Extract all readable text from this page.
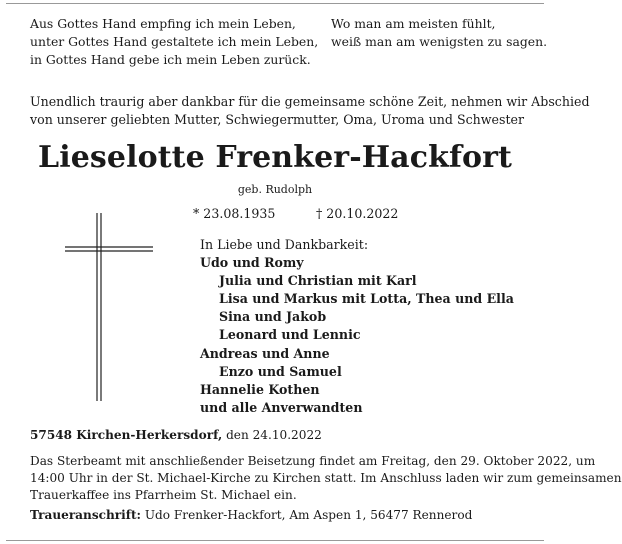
Aus Gottes Hand empfing ich mein Leben,
unter Gottes Hand gestaltete ich mein Leben,
in Gottes Hand gebe ich mein Leben zurück.
Wo man am meisten fühlt,
weiß man am wenigsten zu sagen.
Unendlich traurig aber dankbar für die gemeinsame schöne Zeit, nehmen wir Abschied
von unserer geliebten Mutter, Schwiegermutter, Oma, Uroma und Schwester
Lieselotte Frenker-Hackfort
geb. Rudolph
* 23.08.1935	† 20.10.2022
In Liebe und Dankbarkeit:
Udo und Romy
Julia und Christian mit Karl
Lisa und Markus mit Lotta, Thea und Ella
Sina und Jakob
Leonard und Lennic
Andreas und Anne
Enzo und Samuel
Hannelie Kothen
und alle Anverwandten
57548 Kirchen-Herkersdorf, den 24.10.2022
Das Sterbeamt mit anschließender Beisetzung findet am Freitag, den 29. Oktober 2022, um
14:00 Uhr in der St. Michael-Kirche zu Kirchen statt. Im Anschluss laden wir zum gemeinsamen
Trauerkaffee ins Pfarrheim St. Michael ein.
Traueranschrift: Udo Frenker-Hackfort, Am Aspen 1, 56477 Rennerod
